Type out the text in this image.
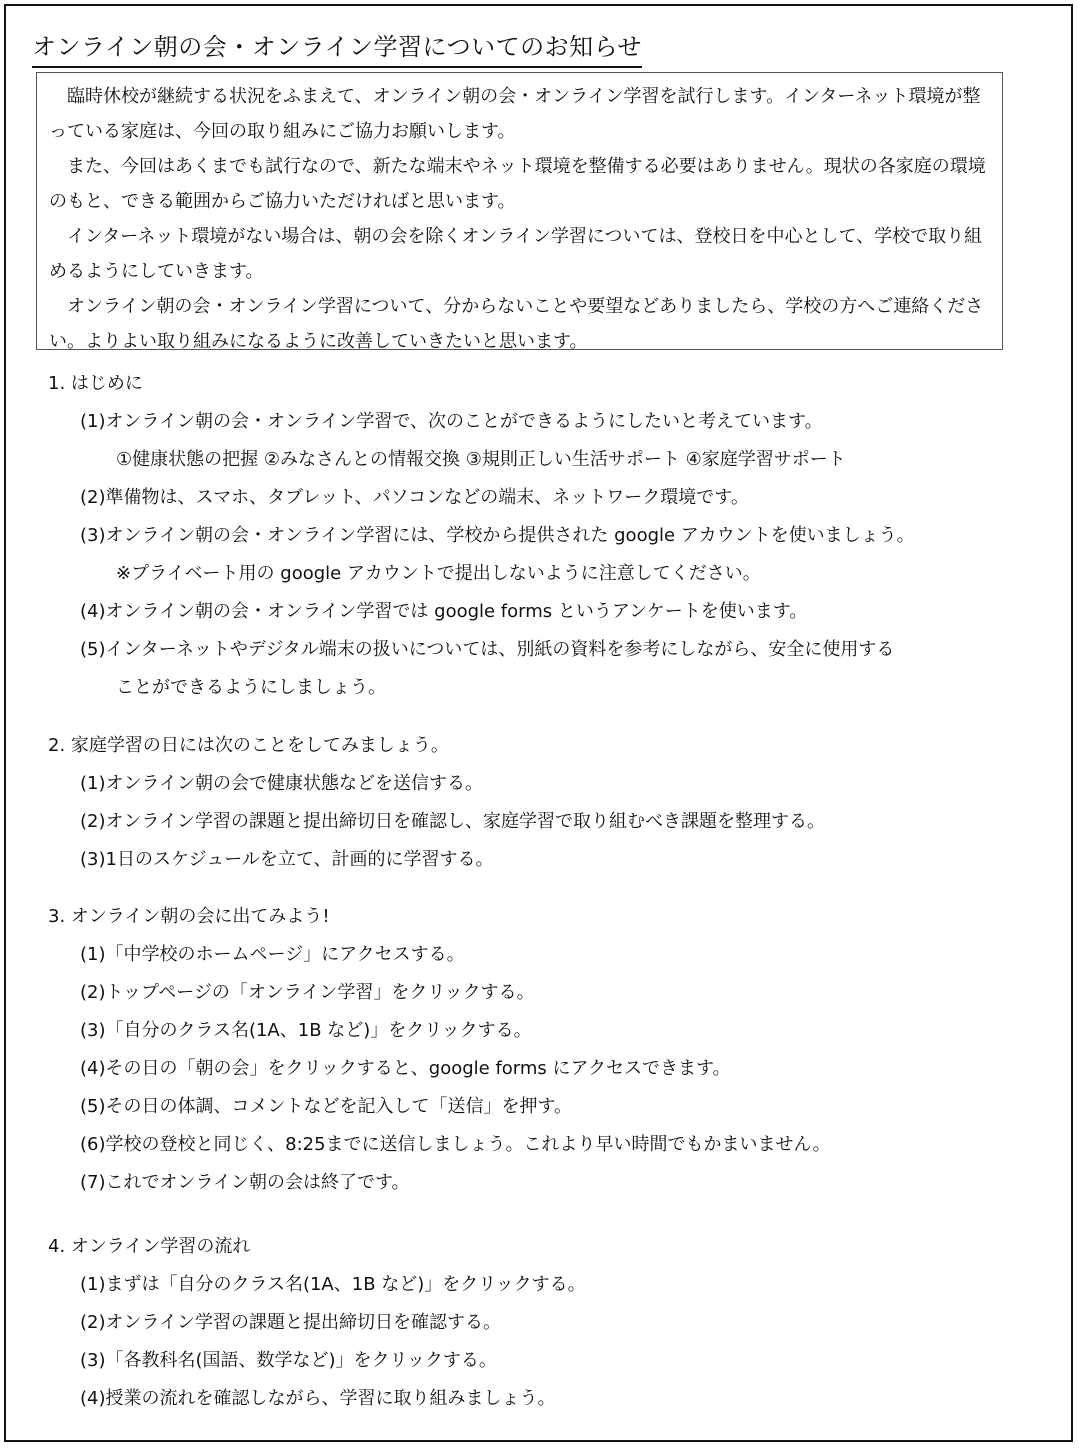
オンライン朝の会・オンライン学習についてのお知らせ

臨時休校が継続する状況をふまえて、オンライン朝の会・オンライン学習を試行します。インターネット環境が整っている家庭は、今回の取り組みにご協力お願いします。

また、今回はあくまでも試行なので、新たな端末やネット環境を整備する必要はありません。現状の各家庭の環境のもと、できる範囲からご協力いただければと思います。

インターネット環境がない場合は、朝の会を除くオンライン学習については、登校日を中心として、学校で取り組めるようにしていきます。

オンライン朝の会・オンライン学習について、分からないことや要望などありましたら、学校の方へご連絡ください。よりよい取り組みになるように改善していきたいと思います。

1. はじめに
(1)オンライン朝の会・オンライン学習で、次のことができるようにしたいと考えています。
①健康状態の把握 ②みなさんとの情報交換 ③規則正しい生活サポート ④家庭学習サポート
(2)準備物は、スマホ、タブレット、パソコンなどの端末、ネットワーク環境です。
(3)オンライン朝の会・オンライン学習には、学校から提供された google アカウントを使いましょう。
※プライベート用の google アカウントで提出しないように注意してください。
(4)オンライン朝の会・オンライン学習では google forms というアンケートを使います。
(5)インターネットやデジタル端末の扱いについては、別紙の資料を参考にしながら、安全に使用する
ことができるようにしましょう。
2. 家庭学習の日には次のことをしてみましょう。
(1)オンライン朝の会で健康状態などを送信する。
(2)オンライン学習の課題と提出締切日を確認し、家庭学習で取り組むべき課題を整理する。
(3)1日のスケジュールを立て、計画的に学習する。
3. オンライン朝の会に出てみよう!
(1)「中学校のホームページ」にアクセスする。
(2)トップページの「オンライン学習」をクリックする。
(3)「自分のクラス名(1A、1B など)」をクリックする。
(4)その日の「朝の会」をクリックすると、google forms にアクセスできます。
(5)その日の体調、コメントなどを記入して「送信」を押す。
(6)学校の登校と同じく、8:25までに送信しましょう。これより早い時間でもかまいません。
(7)これでオンライン朝の会は終了です。
4. オンライン学習の流れ
(1)まずは「自分のクラス名(1A、1B など)」をクリックする。
(2)オンライン学習の課題と提出締切日を確認する。
(3)「各教科名(国語、数学など)」をクリックする。
(4)授業の流れを確認しながら、学習に取り組みましょう。
